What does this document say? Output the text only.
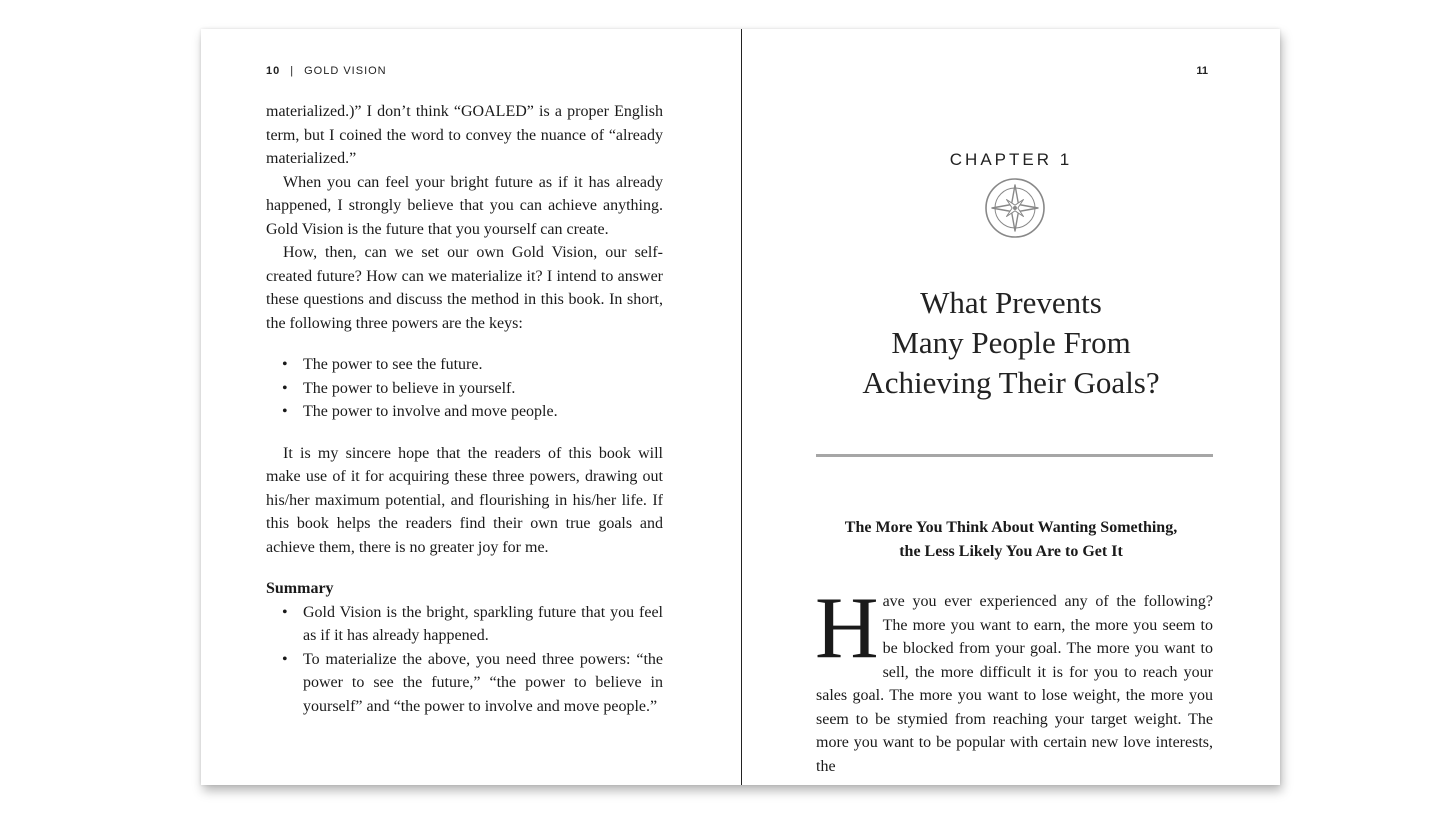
10 | GOLD VISION

materialized.)” I don’t think “GOALED” is a proper English term, but I coined the word to convey the nuance of “already materialized.”

When you can feel your bright future as if it has already happened, I strongly believe that you can achieve anything. Gold Vision is the future that you yourself can create.

How, then, can we set our own Gold Vision, our self-created future? How can we materialize it? I intend to answer these questions and discuss the method in this book. In short, the following three powers are the keys:

• The power to see the future.
• The power to believe in yourself.
• The power to involve and move people.

It is my sincere hope that the readers of this book will make use of it for acquiring these three powers, drawing out his/her maximum potential, and flourishing in his/her life. If this book helps the readers find their own true goals and achieve them, there is no greater joy for me.

Summary

• Gold Vision is the bright, sparkling future that you feel as if it has already happened.
• To materialize the above, you need three powers: “the power to see the future,” “the power to believe in yourself” and “the power to involve and move people.”
11
CHAPTER 1
What Prevents
Many People From
Achieving Their Goals?
The More You Think About Wanting Something,
the Less Likely You Are to Get It

Have you ever experienced any of the following? The more you want to earn, the more you seem to be blocked from your goal. The more you want to sell, the more difficult it is for you to reach your sales goal. The more you want to lose weight, the more you seem to be stymied from reaching your target weight. The more you want to be popular with certain new love interests, the
